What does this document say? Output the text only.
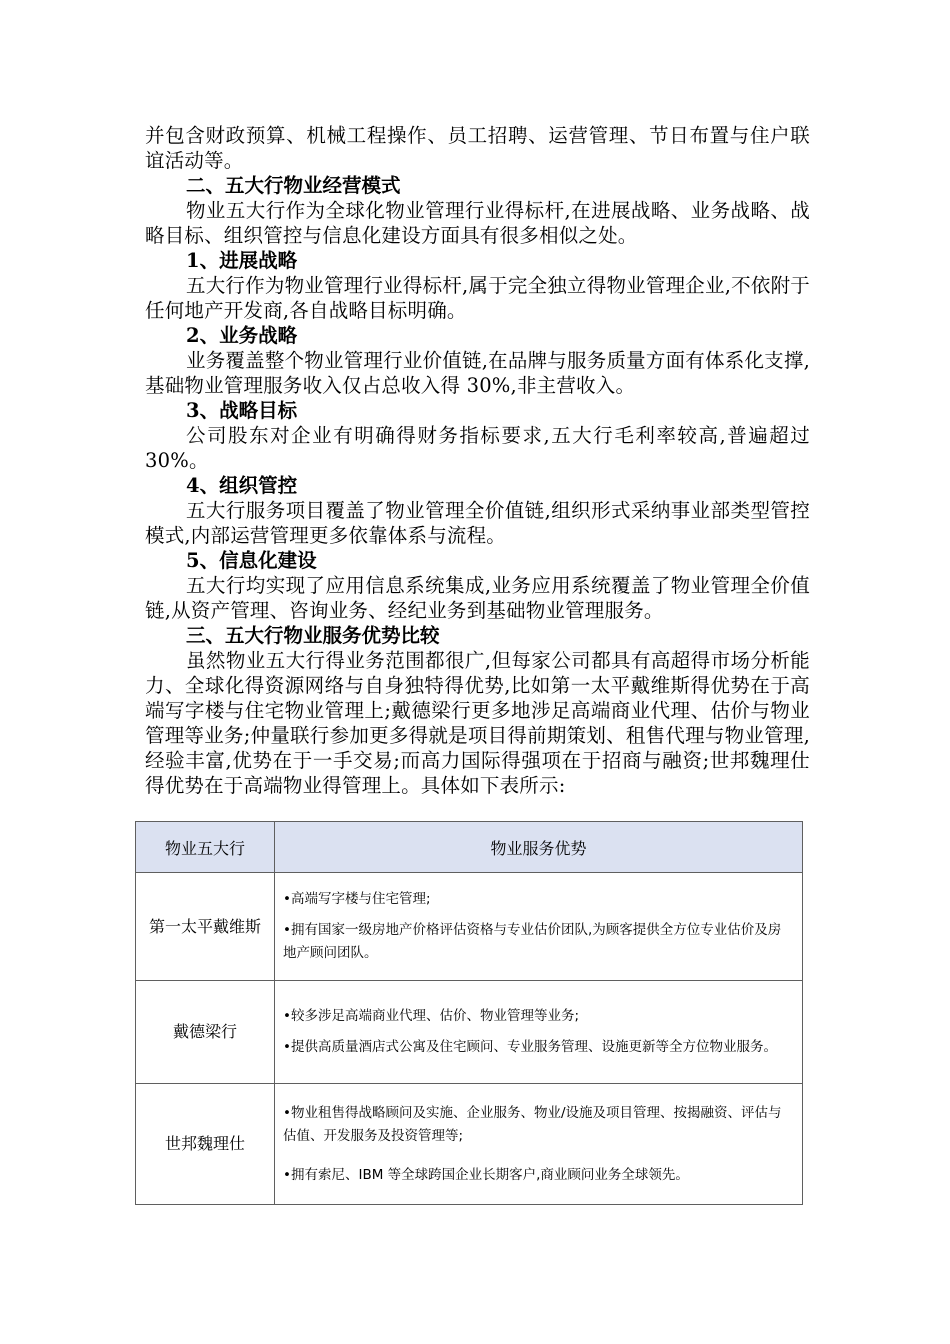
并包含财政预算、机械工程操作、员工招聘、运营管理、节日布置与住户联谊活动等。

二、五大行物业经营模式

物业五大行作为全球化物业管理行业得标杆,在进展战略、业务战略、战略目标、组织管控与信息化建设方面具有很多相似之处。

1、进展战略

五大行作为物业管理行业得标杆,属于完全独立得物业管理企业,不依附于任何地产开发商,各自战略目标明确。

2、业务战略

业务覆盖整个物业管理行业价值链,在品牌与服务质量方面有体系化支撑,基础物业管理服务收入仅占总收入得 30%,非主营收入。

3、战略目标

公司股东对企业有明确得财务指标要求,五大行毛利率较高,普遍超过 30%。

4、组织管控

五大行服务项目覆盖了物业管理全价值链,组织形式采纳事业部类型管控模式,内部运营管理更多依靠体系与流程。

5、信息化建设

五大行均实现了应用信息系统集成,业务应用系统覆盖了物业管理全价值链,从资产管理、咨询业务、经纪业务到基础物业管理服务。

三、五大行物业服务优势比较

虽然物业五大行得业务范围都很广,但每家公司都具有高超得市场分析能力、全球化得资源网络与自身独特得优势,比如第一太平戴维斯得优势在于高端写字楼与住宅物业管理上;戴德梁行更多地涉足高端商业代理、估价与物业管理等业务;仲量联行参加更多得就是项目得前期策划、租售代理与物业管理,经验丰富,优势在于一手交易;而高力国际得强项在于招商与融资;世邦魏理仕得优势在于高端物业得管理上。具体如下表所示:

物业五大行	物业服务优势
第一太平戴维斯	•高端写字楼与住宅管理;

•拥有国家一级房地产价格评估资格与专业估价团队,为顾客提供全方位专业估价及房地产顾问团队。

戴德梁行	•较多涉足高端商业代理、估价、物业管理等业务;

•提供高质量酒店式公寓及住宅顾问、专业服务管理、设施更新等全方位物业服务。

世邦魏理仕	•物业租售得战略顾问及实施、企业服务、物业/设施及项目管理、按揭融资、评估与估值、开发服务及投资管理等;

•拥有索尼、IBM 等全球跨国企业长期客户,商业顾问业务全球领先。
